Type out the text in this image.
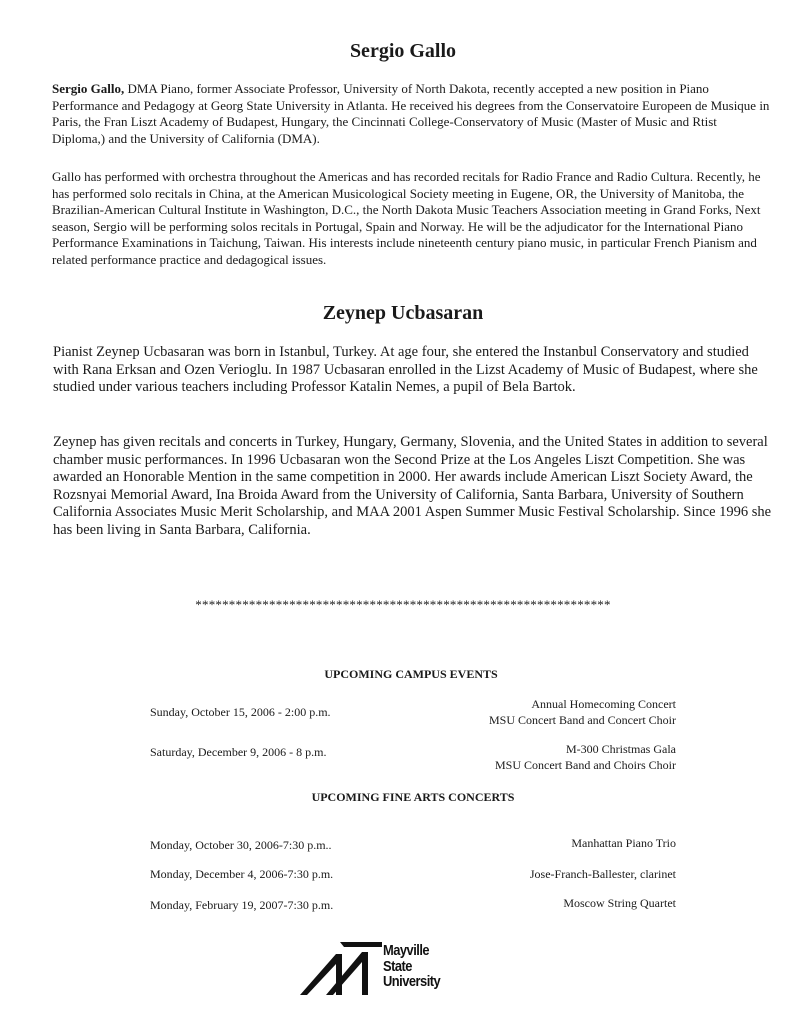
Sergio Gallo

Sergio Gallo, DMA Piano, former Associate Professor, University of North Dakota, recently accepted a new position in Piano Performance and Pedagogy at Georg State University in Atlanta. He received his degrees from the Conservatoire Europeen de Musique in Paris, the Fran Liszt Academy of Budapest, Hungary, the Cincinnati College-Conservatory of Music (Master of Music and Rtist Diploma,) and the University of California (DMA).

Gallo has performed with orchestra throughout the Americas and has recorded recitals for Radio France and Radio Cultura. Recently, he has performed solo recitals in China, at the American Musicological Society meeting in Eugene, OR, the University of Manitoba, the Brazilian-American Cultural Institute in Washington, D.C., the North Dakota Music Teachers Association meeting in Grand Forks, Next season, Sergio will be performing solos recitals in Portugal, Spain and Norway. He will be the adjudicator for the International Piano Performance Examinations in Taichung, Taiwan. His interests include nineteenth century piano music, in particular French Pianism and related performance practice and dedagogical issues.

Zeynep Ucbasaran

Pianist Zeynep Ucbasaran was born in Istanbul, Turkey. At age four, she entered the Instanbul Conservatory and studied with Rana Erksan and Ozen Verioglu. In 1987 Ucbasaran enrolled in the Lizst Academy of Music of Budapest, where she studied under various teachers including Professor Katalin Nemes, a pupil of Bela Bartok.

Zeynep has given recitals and concerts in Turkey, Hungary, Germany, Slovenia, and the United States in addition to several chamber music performances. In 1996 Ucbasaran won the Second Prize at the Los Angeles Liszt Competition. She was awarded an Honorable Mention in the same competition in 2000. Her awards include American Liszt Society Award, the Rozsnyai Memorial Award, Ina Broida Award from the University of California, Santa Barbara, University of Southern California Associates Music Merit Scholarship, and MAA 2001 Aspen Summer Music Festival Scholarship. Since 1996 she has been living in Santa Barbara, California.

**************************************************************

UPCOMING CAMPUS EVENTS
Sunday, October 15, 2006 - 2:00 p.m.
Annual Homecoming Concert
MSU Concert Band and Concert Choir
Saturday, December 9, 2006 - 8 p.m.	M-300 Christmas Gala
MSU Concert Band and Choirs Choir
UPCOMING FINE ARTS CONCERTS
Monday, October 30, 2006-7:30 p.m..	Manhattan Piano Trio
Monday, December 4, 2006-7:30 p.m.	Jose-Franch-Ballester, clarinet
Monday, February 19, 2007-7:30 p.m.	Moscow String Quartet
Mayville
State
University
